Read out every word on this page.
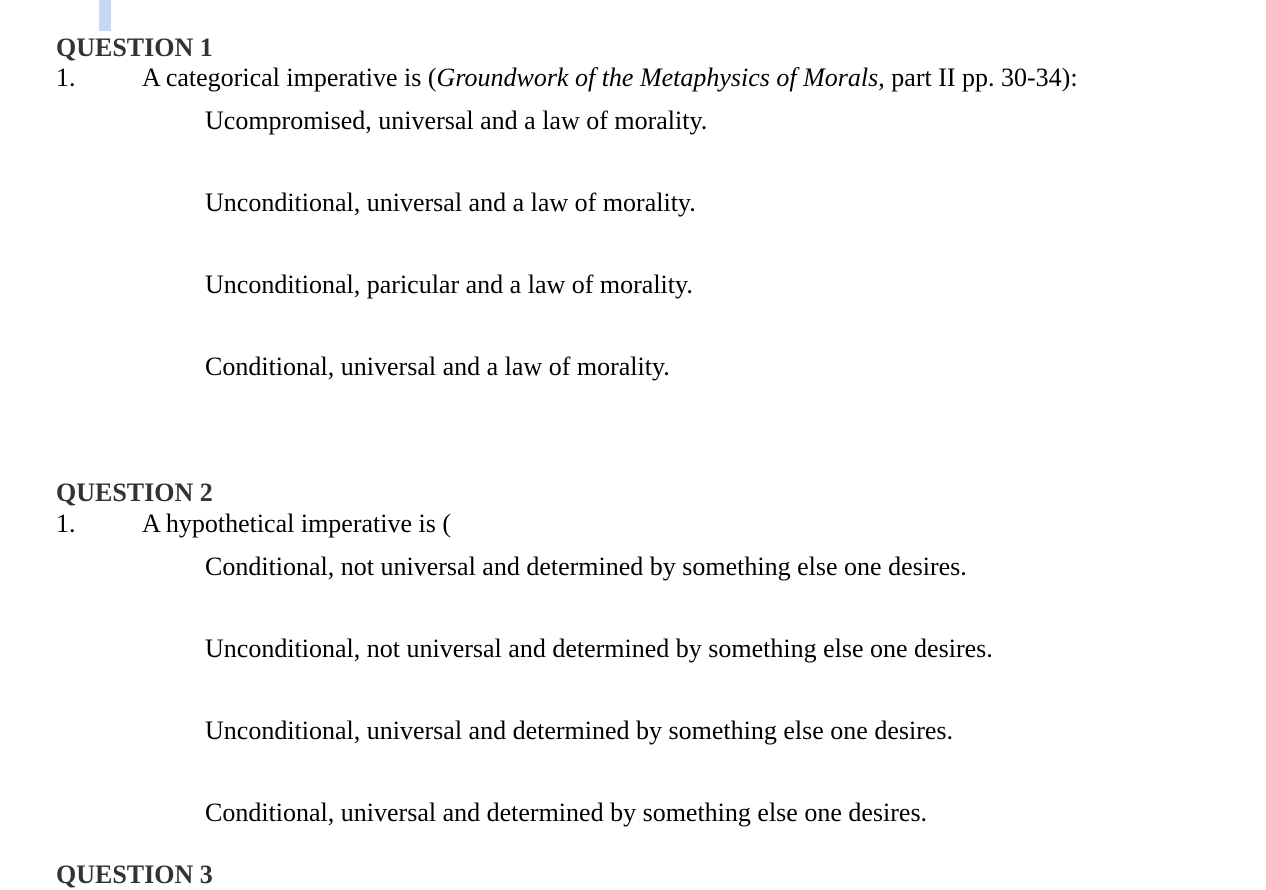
QUESTION 1
1.	A categorical imperative is (Groundwork of the Metaphysics of Morals, part II pp. 30-34):
Ucompromised, universal and a law of morality.
Unconditional, universal and a law of morality.
Unconditional, paricular and a law of morality.
Conditional, universal and a law of morality.
QUESTION 2
1.	A hypothetical imperative is (
Conditional, not universal and determined by something else one desires.
Unconditional, not universal and determined by something else one desires.
Unconditional, universal and determined by something else one desires.
Conditional, universal and determined by something else one desires.
QUESTION 3
